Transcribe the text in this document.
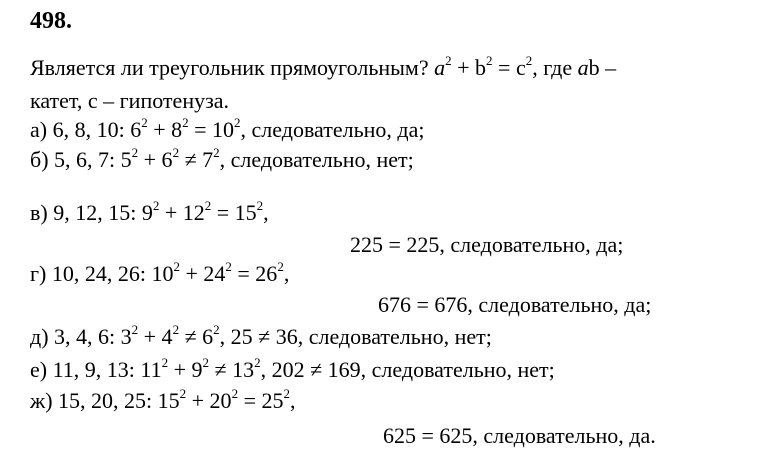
498.
Является ли треугольник прямоугольным? $a^2 + b^2 = c^2$, где ab –
катет, с – гипотенуза.
а) 6, 8, 10: $6^2 + 8^2 = 10^2$, следовательно, да;
б) 5, 6, 7: $5^2 + 6^2 \ne 7^2$, следовательно, нет;
в) 9, 12, 15: $9^2 + 12^2 = 15^2$,
225 = 225, следовательно, да;
г) 10, 24, 26: $10^2 + 24^2 = 26^2$,
676 = 676, следовательно, да;
д) 3, 4, 6: $3^2 + 4^2 \ne 6^2$, 25 ≠ 36, следовательно, нет;
е) 11, 9, 13: $11^2 + 9^2 \ne 13^2$, 202 ≠ 169, следовательно, нет;
ж) 15, 20, 25: $15^2 + 20^2 = 25^2$,
625 = 625, следовательно, да.
